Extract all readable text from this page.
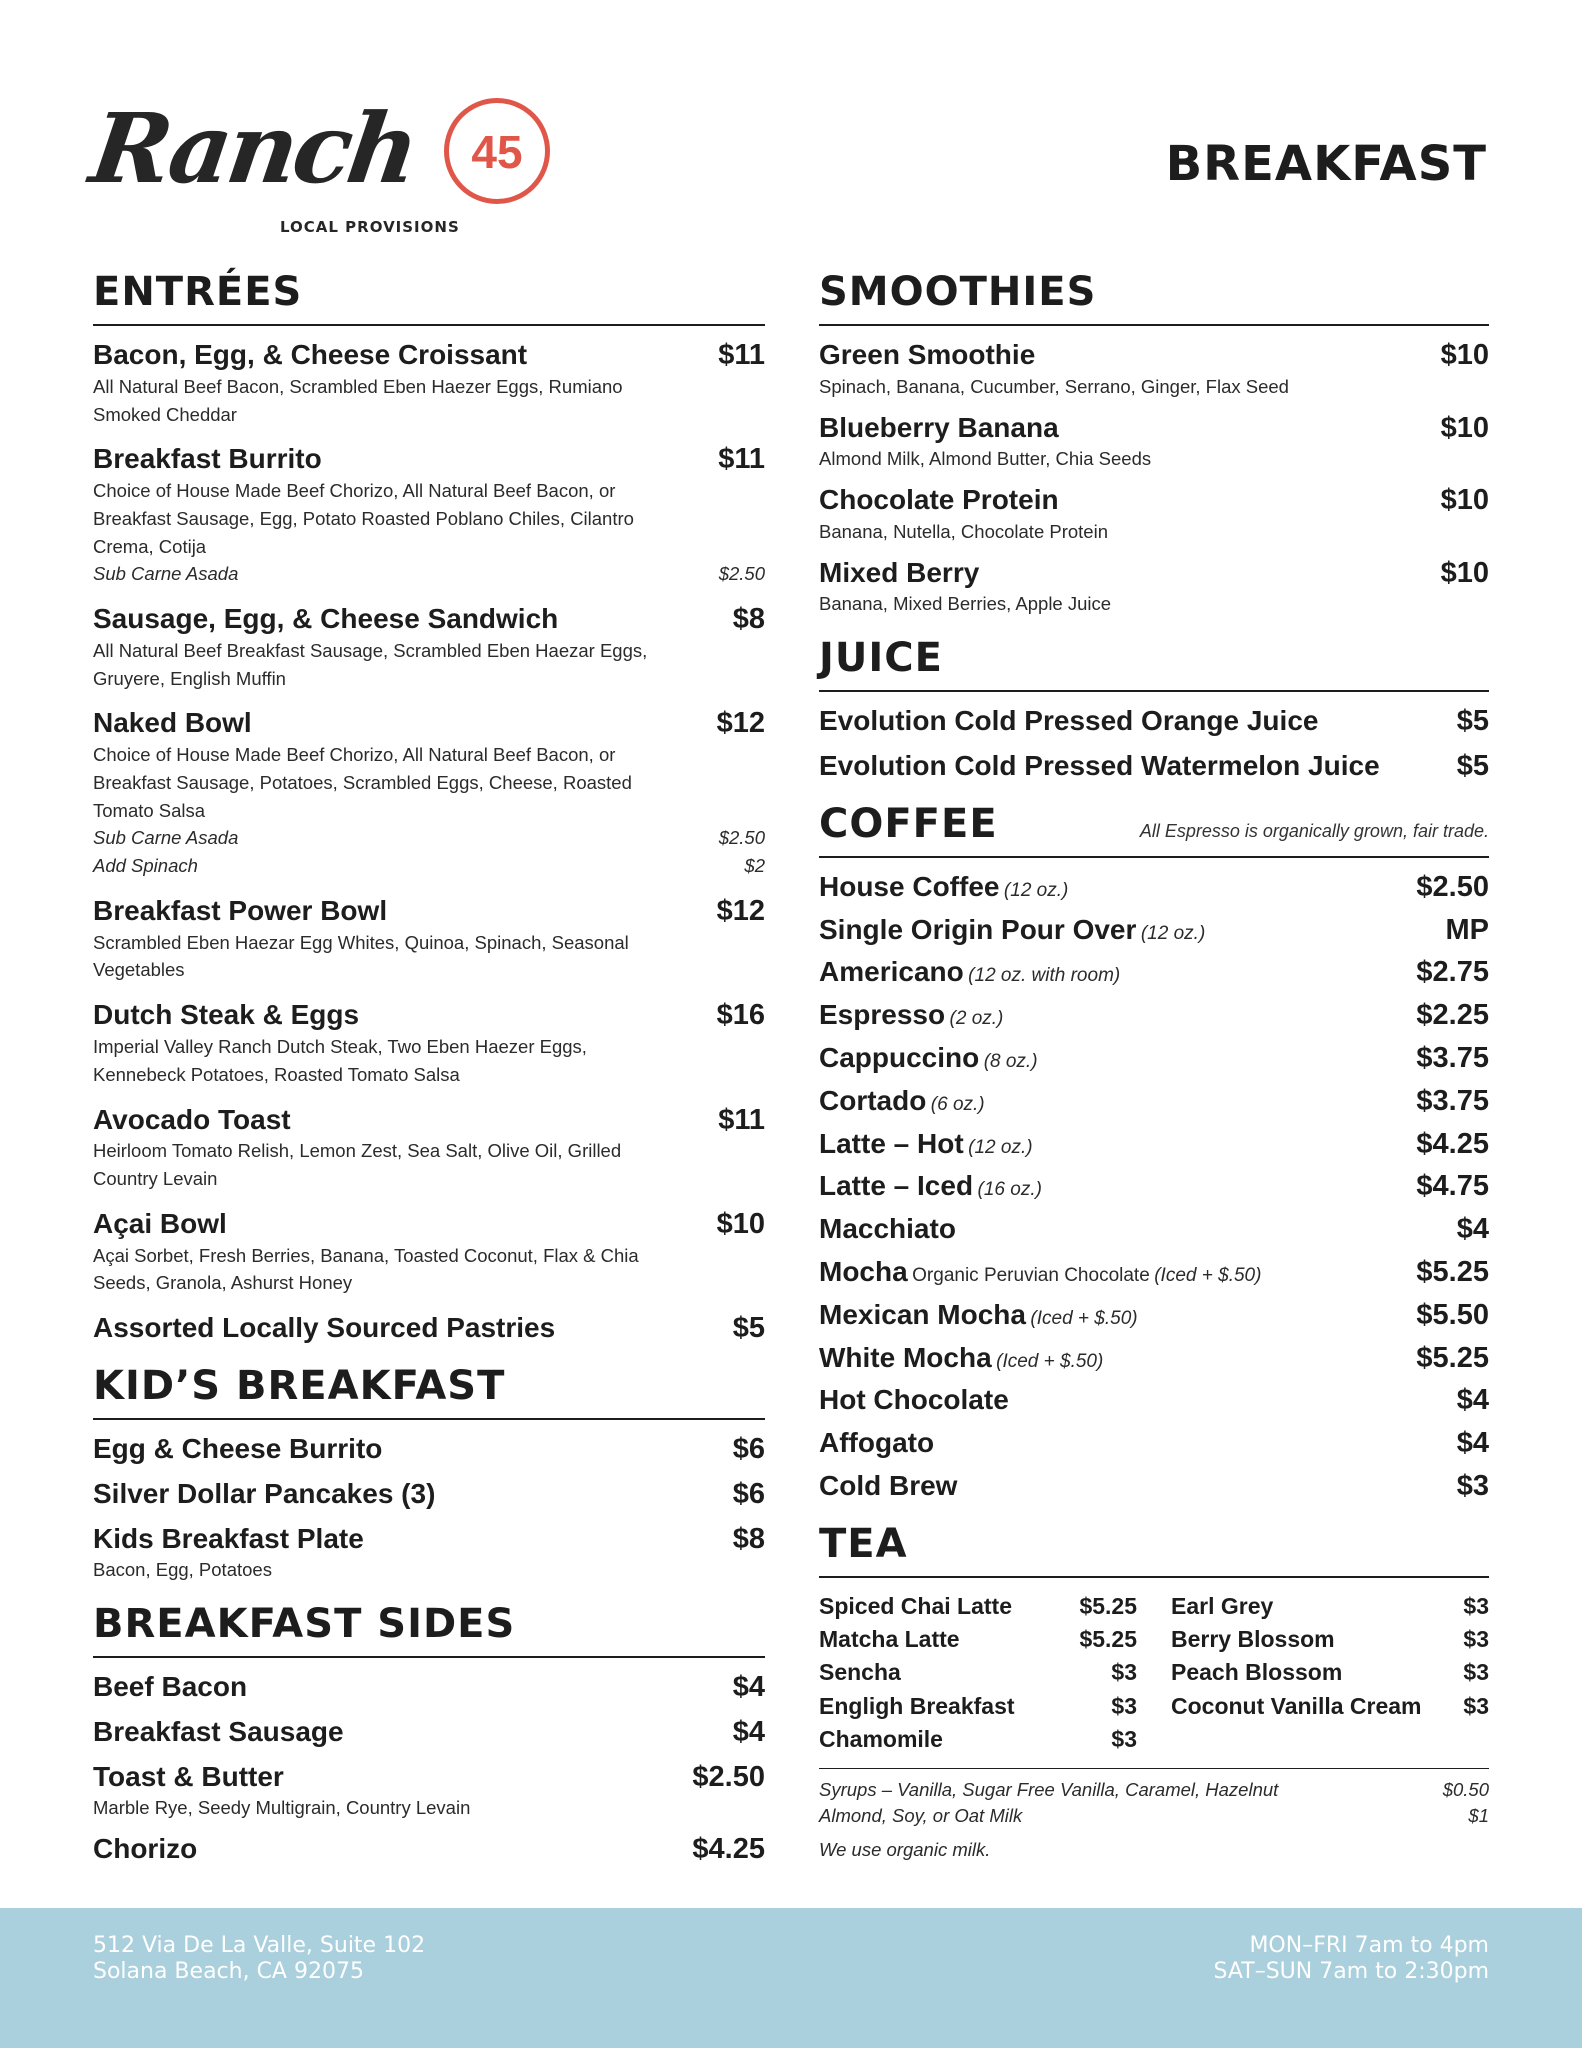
Ranch	45
LOCAL PROVISIONS
BREAKFAST
ENTRÉES
Bacon, Egg, & Cheese Croissant	$11
All Natural Beef Bacon, Scrambled Eben Haezer Eggs, Rumiano Smoked Cheddar
Breakfast Burrito	$11
Choice of House Made Beef Chorizo, All Natural Beef Bacon, or Breakfast Sausage, Egg, Potato Roasted Poblano Chiles, Cilantro Crema, Cotija
Sub Carne Asada	$2.50
Sausage, Egg, & Cheese Sandwich	$8
All Natural Beef Breakfast Sausage, Scrambled Eben Haezar Eggs, Gruyere, English Muffin
Naked Bowl	$12
Choice of House Made Beef Chorizo, All Natural Beef Bacon, or Breakfast Sausage, Potatoes, Scrambled Eggs, Cheese, Roasted Tomato Salsa
Sub Carne Asada	$2.50
Add Spinach	$2
Breakfast Power Bowl	$12
Scrambled Eben Haezar Egg Whites, Quinoa, Spinach, Seasonal Vegetables
Dutch Steak & Eggs	$16
Imperial Valley Ranch Dutch Steak, Two Eben Haezer Eggs, Kennebeck Potatoes, Roasted Tomato Salsa
Avocado Toast	$11
Heirloom Tomato Relish, Lemon Zest, Sea Salt, Olive Oil, Grilled Country Levain
Açai Bowl	$10
Açai Sorbet, Fresh Berries, Banana, Toasted Coconut, Flax & Chia Seeds, Granola, Ashurst Honey
Assorted Locally Sourced Pastries	$5
KID’S BREAKFAST
Egg & Cheese Burrito	$6
Silver Dollar Pancakes (3)	$6
Kids Breakfast Plate	$8
Bacon, Egg, Potatoes
BREAKFAST SIDES
Beef Bacon	$4
Breakfast Sausage	$4
Toast & Butter	$2.50
Marble Rye, Seedy Multigrain, Country Levain
Chorizo	$4.25
SMOOTHIES
Green Smoothie	$10
Spinach, Banana, Cucumber, Serrano, Ginger, Flax Seed
Blueberry Banana	$10
Almond Milk, Almond Butter, Chia Seeds
Chocolate Protein	$10
Banana, Nutella, Chocolate Protein
Mixed Berry	$10
Banana, Mixed Berries, Apple Juice
JUICE
Evolution Cold Pressed Orange Juice	$5
Evolution Cold Pressed Watermelon Juice	$5
COFFEE	All Espresso is organically grown, fair trade.
House Coffee (12 oz.)	$2.50
Single Origin Pour Over (12 oz.)	MP
Americano (12 oz. with room)	$2.75
Espresso (2 oz.)	$2.25
Cappuccino (8 oz.)	$3.75
Cortado (6 oz.)	$3.75
Latte – Hot (12 oz.)	$4.25
Latte – Iced (16 oz.)	$4.75
Macchiato	$4
Mocha Organic Peruvian Chocolate (Iced + $.50)	$5.25
Mexican Mocha (Iced + $.50)	$5.50
White Mocha (Iced + $.50)	$5.25
Hot Chocolate	$4
Affogato	$4
Cold Brew	$3
TEA
Spiced Chai Latte	$5.25
Matcha Latte	$5.25
Sencha	$3
Engligh Breakfast	$3
Chamomile	$3
Earl Grey	$3
Berry Blossom	$3
Peach Blossom	$3
Coconut Vanilla Cream $3
Syrups – Vanilla, Sugar Free Vanilla, Caramel, Hazelnut	$0.50
Almond, Soy, or Oat Milk	$1
We use organic milk.
512 Via De La Valle, Suite 102
Solana Beach, CA 92075
MON–FRI 7am to 4pm
SAT–SUN 7am to 2:30pm
